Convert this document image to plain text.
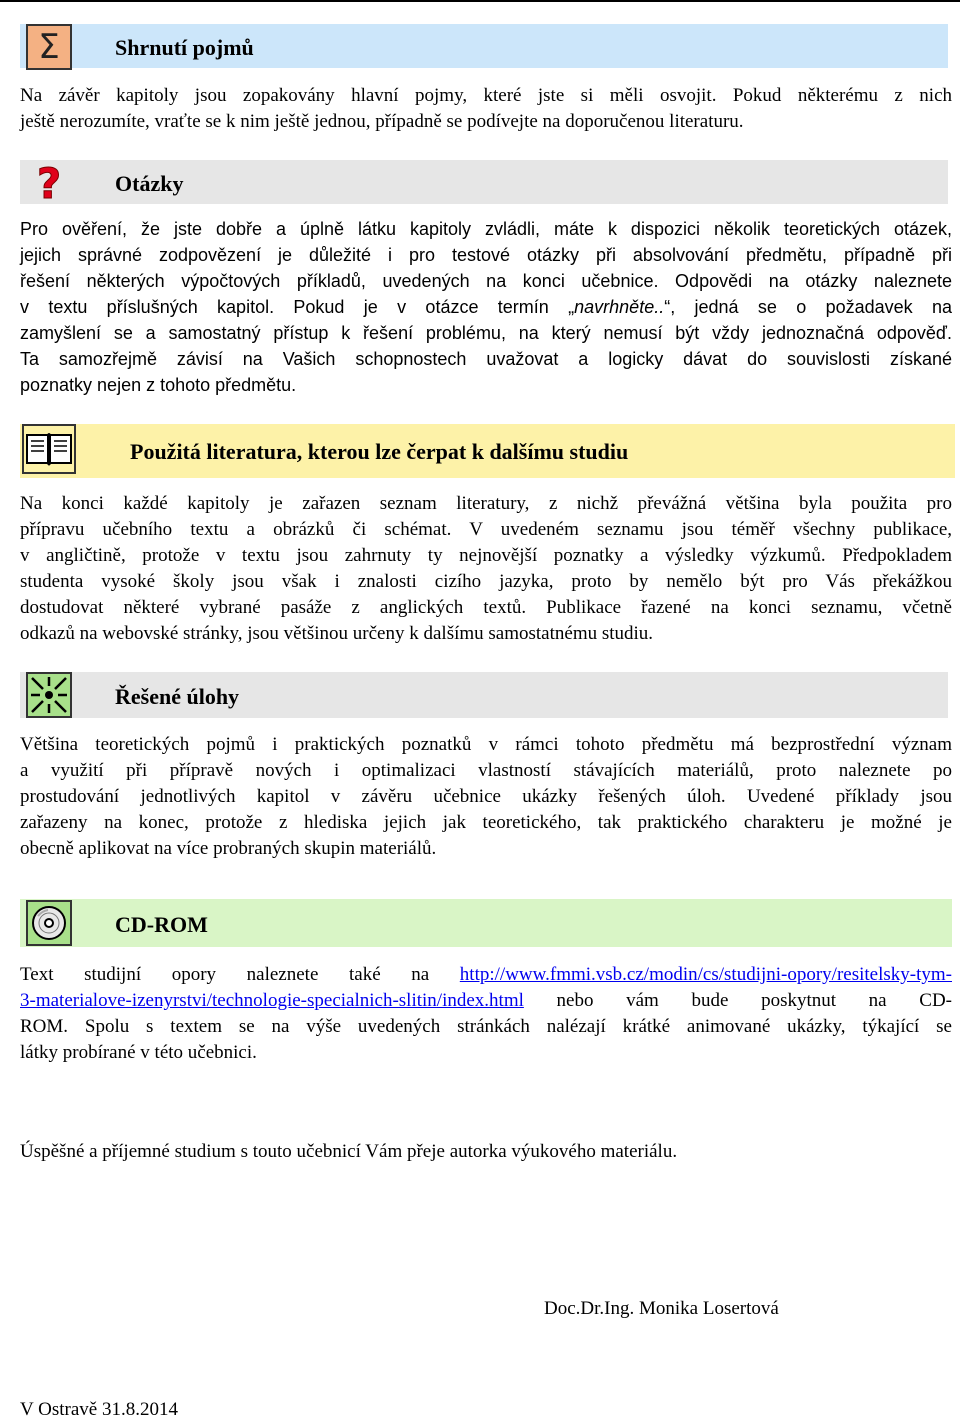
Σ	Shrnutí pojmů
Na závěr kapitoly jsou zopakovány hlavní pojmy, které jste si měli osvojit. Pokud některému z nich
ještě nerozumíte, vraťte se k nim ještě jednou, případně se podívejte na doporučenou literaturu.
? Otázky
Pro ověření, že jste dobře a úplně látku kapitoly zvládli, máte k dispozici několik teoretických otázek,
jejich správné zodpovězení je důležité i pro testové otázky při absolvování předmětu, případně při
řešení některých výpočtových příkladů, uvedených na konci učebnice. Odpovědi na otázky naleznete
v textu příslušných kapitol. Pokud je v otázce termín „navrhněte..“, jedná se o požadavek na
zamyšlení se a samostatný přístup k řešení problému, na který nemusí být vždy jednoznačná odpověď.
Ta samozřejmě závisí na Vašich schopnostech uvažovat a logicky dávat do souvislosti získané
poznatky nejen z tohoto předmětu.
Použitá literatura, kterou lze čerpat k dalšímu studiu
Na konci každé kapitoly je zařazen seznam literatury, z nichž převážná většina byla použita pro
přípravu učebního textu a obrázků či schémat. V uvedeném seznamu jsou téměř všechny publikace,
v angličtině, protože v textu jsou zahrnuty ty nejnovější poznatky a výsledky výzkumů. Předpokladem
studenta vysoké školy jsou však i znalosti cizího jazyka, proto by nemělo být pro Vás překážkou
dostudovat některé vybrané pasáže z anglických textů. Publikace řazené na konci seznamu, včetně
odkazů na webovské stránky, jsou většinou určeny k dalšímu samostatnému studiu.
Řešené úlohy
Většina teoretických pojmů i praktických poznatků v rámci tohoto předmětu má bezprostřední význam
a využití při přípravě nových i optimalizaci vlastností stávajících materiálů, proto naleznete po
prostudování jednotlivých kapitol v závěru učebnice ukázky řešených úloh. Uvedené příklady jsou
zařazeny na konec, protože z hlediska jejich jak teoretického, tak praktického charakteru je možné je
obecně aplikovat na více probraných skupin materiálů.
CD-ROM
Text studijní opory naleznete také na http://www.fmmi.vsb.cz/modin/cs/studijni-opory/resitelsky-tym-
3-materialove-izenyrstvi/technologie-specialnich-slitin/index.html nebo vám bude poskytnut na CD-
ROM. Spolu s textem se na výše uvedených stránkách nalézají krátké animované ukázky, týkající se
látky probírané v této učebnici.
Úspěšné a příjemné studium s touto učebnicí Vám přeje autorka výukového materiálu.
Doc.Dr.Ing. Monika Losertová
V Ostravě 31.8.2014
